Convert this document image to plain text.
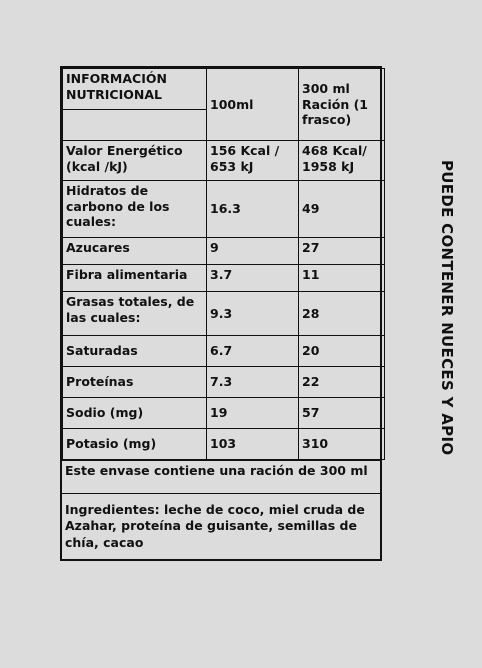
INFORMACIÓN NUTRICIONAL	100ml	300 ml Ración (1 frasco)

Valor Energético (kcal /kJ)	156 Kcal / 653 kJ	468 Kcal/ 1958 kJ
Hidratos de carbono de los cuales:	16.3	49
Azucares	9	27
Fibra alimentaria	3.7	11
Grasas totales, de las cuales:	9.3	28
Saturadas	6.7	20
Proteínas	7.3	22
Sodio (mg)	19	57
Potasio (mg)	103	310
Este envase contiene una ración de 300 ml
Ingredientes: leche de coco, miel cruda de Azahar, proteína de guisante, semillas de chía, cacao
PUEDE CONTENER NUECES Y APIO
